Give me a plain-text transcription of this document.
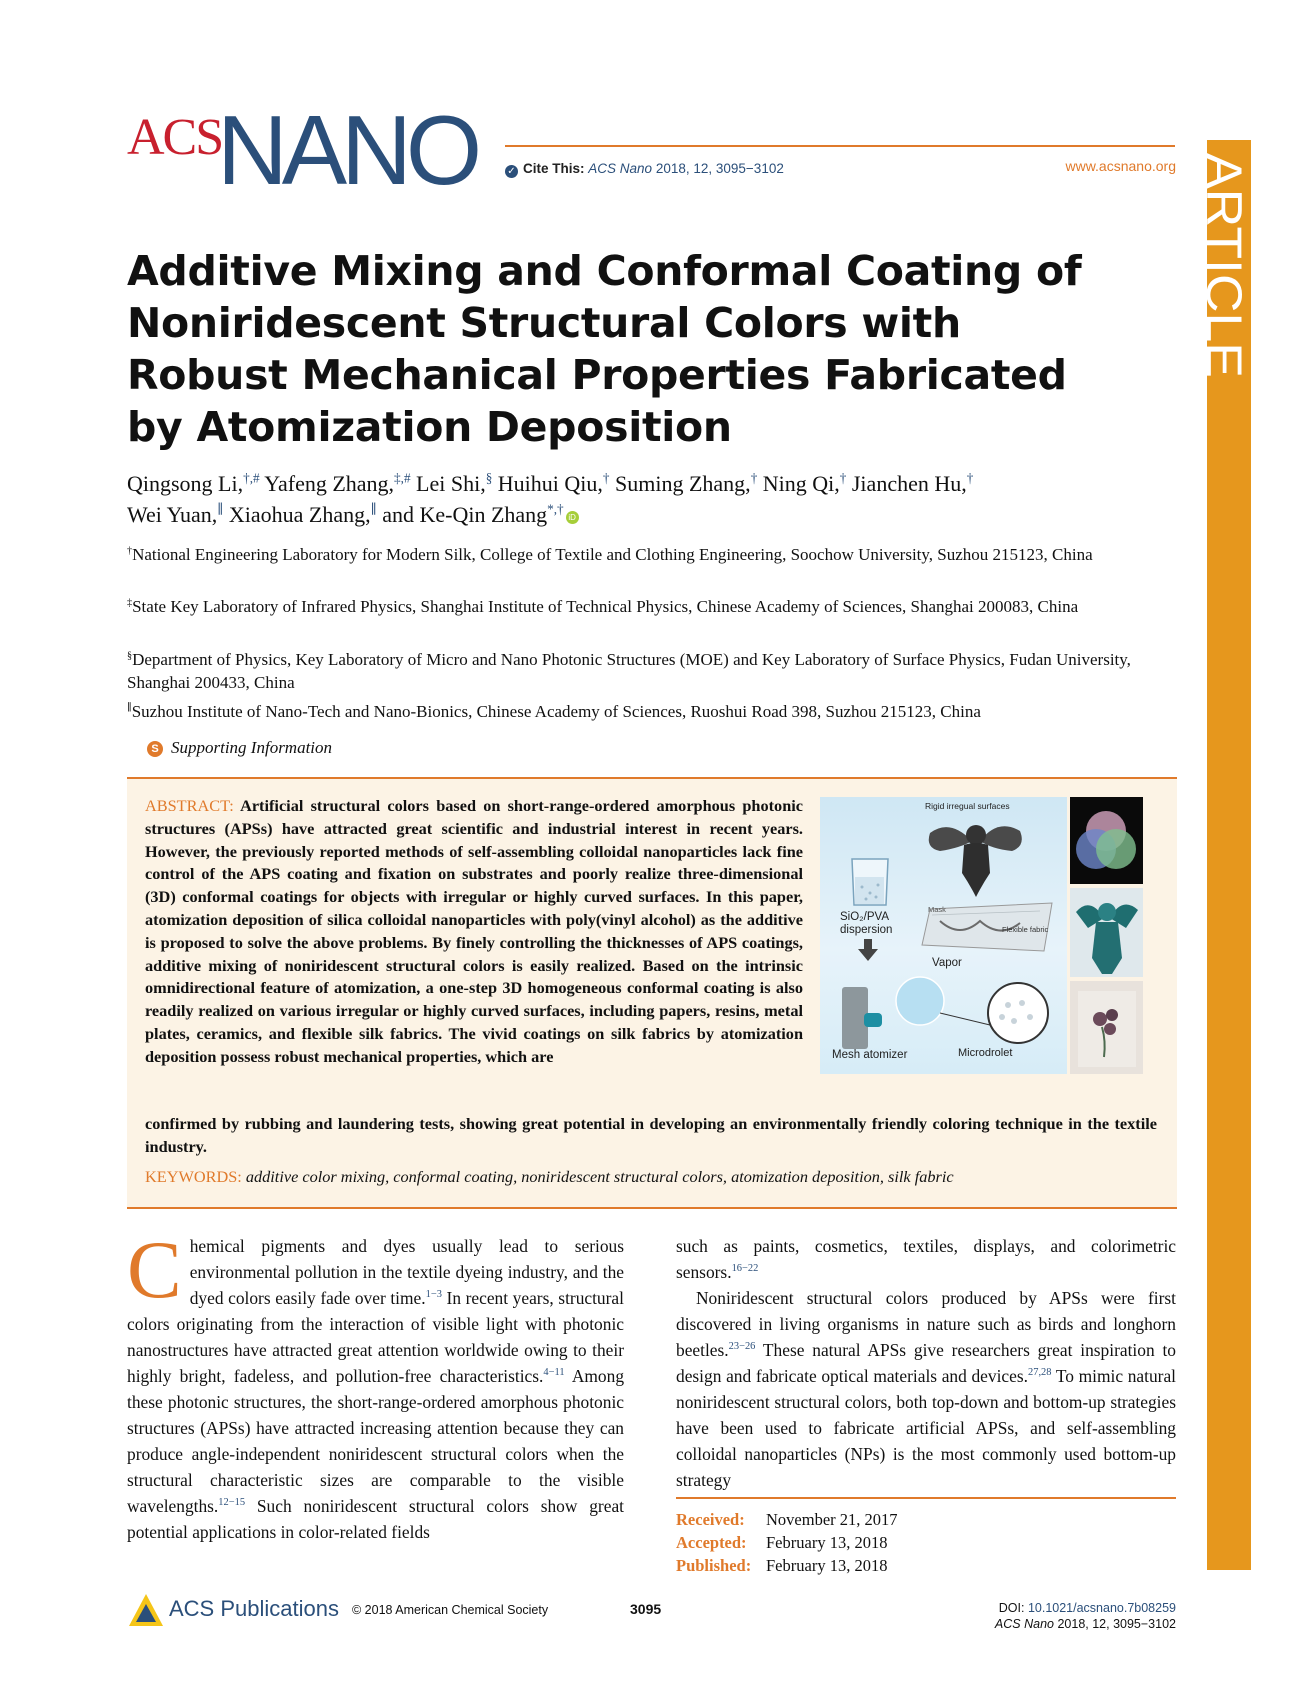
ACS
NANO	✓ Cite This: ACS Nano 2018, 12, 3095−3102	www.acsnano.org ARTICLE
Additive Mixing and Conformal Coating of Noniridescent Structural Colors with Robust Mechanical Properties Fabricated by Atomization Deposition
Qingsong Li,†,# Yafeng Zhang,‡,# Lei Shi,§ Huihui Qiu,† Suming Zhang,† Ning Qi,† Jianchen Hu,†
Wei Yuan,∥ Xiaohua Zhang,∥ and Ke-Qin Zhang*,†iD
†National Engineering Laboratory for Modern Silk, College of Textile and Clothing Engineering, Soochow University, Suzhou 215123, China
‡State Key Laboratory of Infrared Physics, Shanghai Institute of Technical Physics, Chinese Academy of Sciences, Shanghai 200083, China
§Department of Physics, Key Laboratory of Micro and Nano Photonic Structures (MOE) and Key Laboratory of Surface Physics, Fudan University, Shanghai 200433, China
∥Suzhou Institute of Nano-Tech and Nano-Bionics, Chinese Academy of Sciences, Ruoshui Road 398, Suzhou 215123, China
S Supporting Information
ABSTRACT: Artificial structural colors based on short-range-ordered amorphous photonic structures (APSs) have attracted great scientific and industrial interest in recent years. However, the previously reported methods of self-assembling colloidal nanoparticles lack fine control of the APS coating and fixation on substrates and poorly realize three-dimensional (3D) conformal coatings for objects with irregular or highly curved surfaces. In this paper, atomization deposition of silica colloidal nanoparticles with poly(vinyl alcohol) as the additive is proposed to solve the above problems. By finely controlling the thicknesses of APS coatings, additive mixing of noniridescent structural colors is easily realized. Based on the intrinsic omnidirectional feature of atomization, a one-step 3D homogeneous conformal coating is also readily realized on various irregular or highly curved surfaces, including papers, resins, metal plates, ceramics, and flexible silk fabrics. The vivid coatings on silk fabrics by atomization deposition possess robust mechanical properties, which are
confirmed by rubbing and laundering tests, showing great potential in developing an environmentally friendly coloring technique in the textile industry.
KEYWORDS: additive color mixing, conformal coating, noniridescent structural colors, atomization deposition, silk fabric
Rigid irregual surfaces
SiO₂/PVA
dispersion
Mask
Flexible fabric
Vapor
Mesh atomizer	Microdrolet
Chemical pigments and dyes usually lead to serious environmental pollution in the textile dyeing industry, and the dyed colors easily fade over time.$^{1-3}$ In recent years, structural colors originating from the interaction of visible light with photonic nanostructures have attracted great attention worldwide owing to their highly bright, fadeless, and pollution-free characteristics.$^{4-11}$ Among these photonic structures, the short-range-ordered amorphous photonic structures (APSs) have attracted increasing attention because they can produce angle-independent noniridescent structural colors when the structural characteristic sizes are comparable to the visible wavelengths.$^{12-15}$ Such noniridescent structural colors show great potential applications in color-related fields
such as paints, cosmetics, textiles, displays, and colorimetric sensors.$^{16-22}$
Noniridescent structural colors produced by APSs were first discovered in living organisms in nature such as birds and longhorn beetles.$^{23-26}$ These natural APSs give researchers great inspiration to design and fabricate optical materials and devices.$^{27,28}$ To mimic natural noniridescent structural colors, both top-down and bottom-up strategies have been used to fabricate artificial APSs, and self-assembling colloidal nanoparticles (NPs) is the most commonly used bottom-up strategy
Received: November 21, 2017
Accepted: February 13, 2018
Published: February 13, 2018
ACS Publications © 2018 American Chemical Society	3095	DOI: 10.1021/acsnano.7b08259
ACS Nano 2018, 12, 3095−3102
